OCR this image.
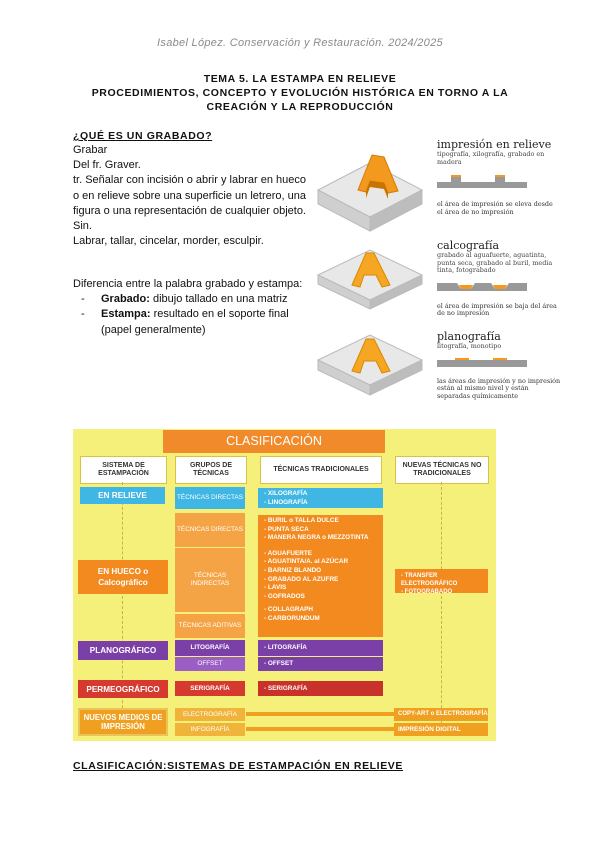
Isabel López. Conservación y Restauración. 2024/2025
TEMA 5. LA ESTAMPA EN RELIEVE
PROCEDIMIENTOS, CONCEPTO Y EVOLUCIÓN HISTÓRICA EN TORNO A LA
CREACIÓN Y LA REPRODUCCIÓN
¿QUÉ ES UN GRABADO?

Grabar

Del fr. Graver.

tr. Señalar con incisión o abrir y labrar en hueco o en relieve sobre una superficie un letrero, una figura o una representación de cualquier objeto.

Sin.

Labrar, tallar, cincelar, morder, esculpir.

Diferencia entre la palabra grabado y estampa:

- Grabado: dibujo tallado en una matriz
- Estampa: resultado en el soporte final (papel generalmente)
impresión en relieve
tipografía, xilografía, grabado en madera
el área de impresión se eleva desde el área de no impresión
calcografía
grabado al aguafuerte, aguatinta, punta seca, grabado al buril, media tinta, fotograbado
el área de impresión se baja del área de no impresión
planografía
litografía, monotipo
las áreas de impresión y no impresión están al mismo nivel y están separadas químicamente
CLASIFICACIÓN
SISTEMA DE ESTAMPACIÓN
GRUPOS DE TÉCNICAS
TÉCNICAS TRADICIONALES
NUEVAS TÉCNICAS NO TRADICIONALES
EN RELIEVE
EN HUECO o Calcográfico
PLANOGRÁFICO
PERMEOGRÁFICO
NUEVOS MEDIOS DE IMPRESIÓN
TÉCNICAS DIRECTAS
TÉCNICAS DIRECTAS
TÉCNICAS INDIRECTAS
TÉCNICAS ADITIVAS
LITOGRAFÍA
OFFSET
SERIGRAFÍA
ELECTROGRAFÍA
INFOGRAFÍA
- XILOGRAFÍA
- LINOGRAFÍA
- BURIL o TALLA DULCE
- PUNTA SECA
- MANERA NEGRA o MEZZOTINTA
- AGUAFUERTE
- AGUATINTA/A. al AZÚCAR
- BARNIZ BLANDO
- GRABADO AL AZUFRE
- LAVIS
- GOFRADOS
- COLLAGRAPH
- CARBORUNDUM
- LITOGRAFÍA
- OFFSET
- SERIGRAFÍA
- TRANSFER ELECTROGRÁFICO
- FOTOGRABADO
COPY-ART o ELECTROGRAFÍA
IMPRESIÓN DIGITAL
CLASIFICACIÓN:SISTEMAS DE ESTAMPACIÓN EN RELIEVE
